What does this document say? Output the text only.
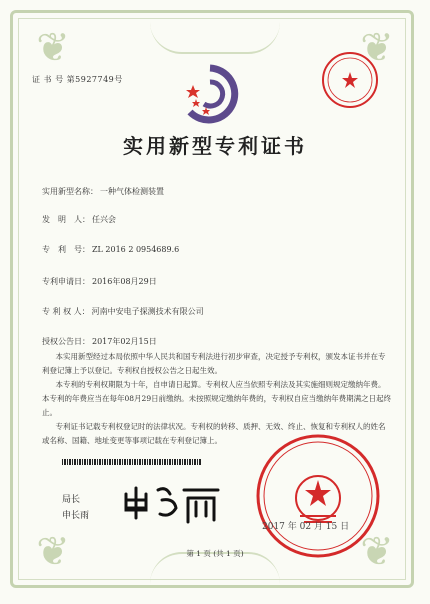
❦	❦
❦	❦
证 书 号 第5927749号
实用新型专利证书
实用新型名称： 一种气体检测装置
发　明　人： 任兴会
专　利　号： ZL 2016 2 0954689.6
专利申请日： 2016年08月29日
专 利 权 人： 河南中安电子探测技术有限公司
授权公告日： 2017年02月15日

本实用新型经过本局依照中华人民共和国专利法进行初步审查，决定授予专利权，颁发本证书并在专利登记簿上予以登记。专利权自授权公告之日起生效。

本专利的专利权期限为十年，自申请日起算。专利权人应当依照专利法及其实施细则规定缴纳年费。本专利的年费应当在每年08月29日前缴纳。未按照规定缴纳年费的，专利权自应当缴纳年费期满之日起终止。

专利证书记载专利权登记时的法律状况。专利权的转移、质押、无效、终止、恢复和专利权人的姓名或名称、国籍、地址变更等事项记载在专利登记簿上。

局长
申长雨
2017 年 02 月 15 日
第 1 页 (共 1 页)
